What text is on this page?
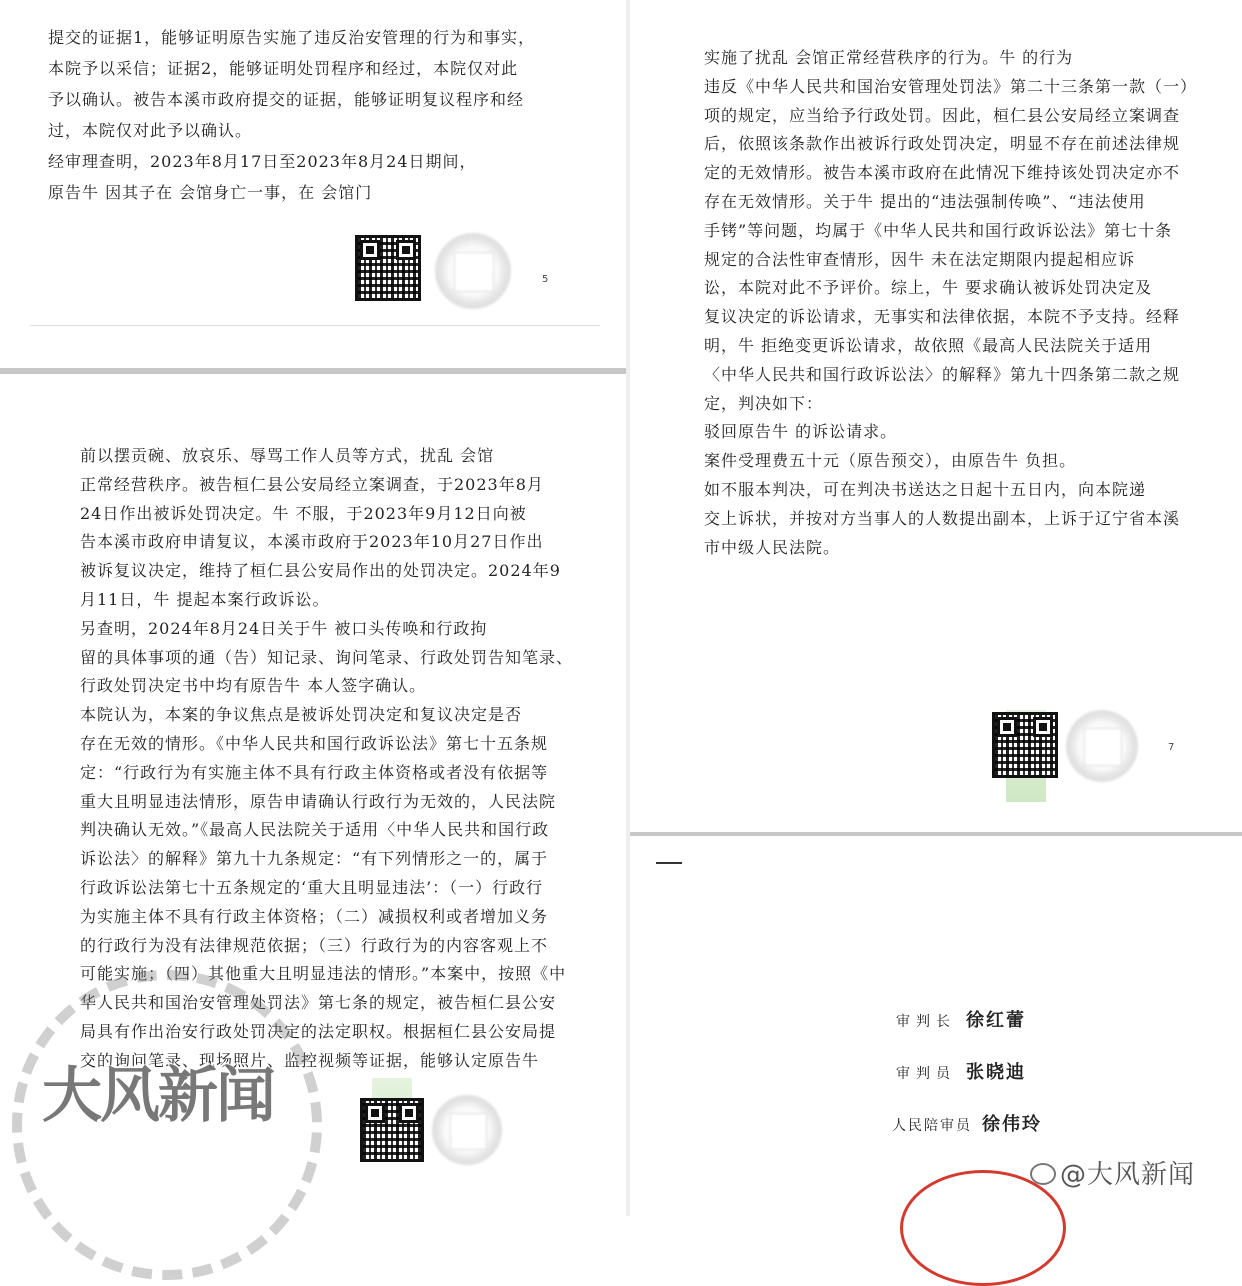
提交的证据1，能够证明原告实施了违反治安管理的行为和事实，

本院予以采信；证据2，能够证明处罚程序和经过，本院仅对此

予以确认。被告本溪市政府提交的证据，能够证明复议程序和经

过，本院仅对此予以确认。

经审理查明，2023年8月17日至2023年8月24日期间，

原告牛 因其子在 会馆身亡一事，在 会馆门

5

前以摆贡碗、放哀乐、辱骂工作人员等方式，扰乱 会馆

正常经营秩序。被告桓仁县公安局经立案调查，于2023年8月

24日作出被诉处罚决定。牛 不服，于2023年9月12日向被

告本溪市政府申请复议，本溪市政府于2023年10月27日作出

被诉复议决定，维持了桓仁县公安局作出的处罚决定。2024年9

月11日，牛 提起本案行政诉讼。

另查明，2024年8月24日关于牛 被口头传唤和行政拘

留的具体事项的通（告）知记录、询问笔录、行政处罚告知笔录、

行政处罚决定书中均有原告牛 本人签字确认。

本院认为，本案的争议焦点是被诉处罚决定和复议决定是否

存在无效的情形。《中华人民共和国行政诉讼法》第七十五条规

定：“行政行为有实施主体不具有行政主体资格或者没有依据等

重大且明显违法情形，原告申请确认行政行为无效的，人民法院

判决确认无效。”《最高人民法院关于适用〈中华人民共和国行政

诉讼法〉的解释》第九十九条规定：“有下列情形之一的，属于

行政诉讼法第七十五条规定的‘重大且明显违法’：（一）行政行

为实施主体不具有行政主体资格；（二）减损权利或者增加义务

的行政行为没有法律规范依据；（三）行政行为的内容客观上不

可能实施；（四）其他重大且明显违法的情形。”本案中，按照《中

华人民共和国治安管理处罚法》第七条的规定，被告桓仁县公安

局具有作出治安行政处罚决定的法定职权。根据桓仁县公安局提

交的询问笔录、现场照片、监控视频等证据，能够认定原告牛

实施了扰乱 会馆正常经营秩序的行为。牛 的行为

违反《中华人民共和国治安管理处罚法》第二十三条第一款（一）

项的规定，应当给予行政处罚。因此，桓仁县公安局经立案调查

后，依照该条款作出被诉行政处罚决定，明显不存在前述法律规

定的无效情形。被告本溪市政府在此情况下维持该处罚决定亦不

存在无效情形。关于牛 提出的“违法强制传唤”、“违法使用

手铐”等问题，均属于《中华人民共和国行政诉讼法》第七十条

规定的合法性审查情形，因牛 未在法定期限内提起相应诉

讼，本院对此不予评价。综上，牛 要求确认被诉处罚决定及

复议决定的诉讼请求，无事实和法律依据，本院不予支持。经释

明，牛 拒绝变更诉讼请求，故依照《最高人民法院关于适用

〈中华人民共和国行政诉讼法〉的解释》第九十四条第二款之规

定，判决如下：

驳回原告牛 的诉讼请求。

案件受理费五十元（原告预交），由原告牛 负担。

如不服本判决，可在判决书送达之日起十五日内，向本院递

交上诉状，并按对方当事人的人数提出副本，上诉于辽宁省本溪

市中级人民法院。

7
审判长 徐红蕾
审判员 张晓迪
人民陪审员 徐伟玲
大风新闻
@大风新闻
